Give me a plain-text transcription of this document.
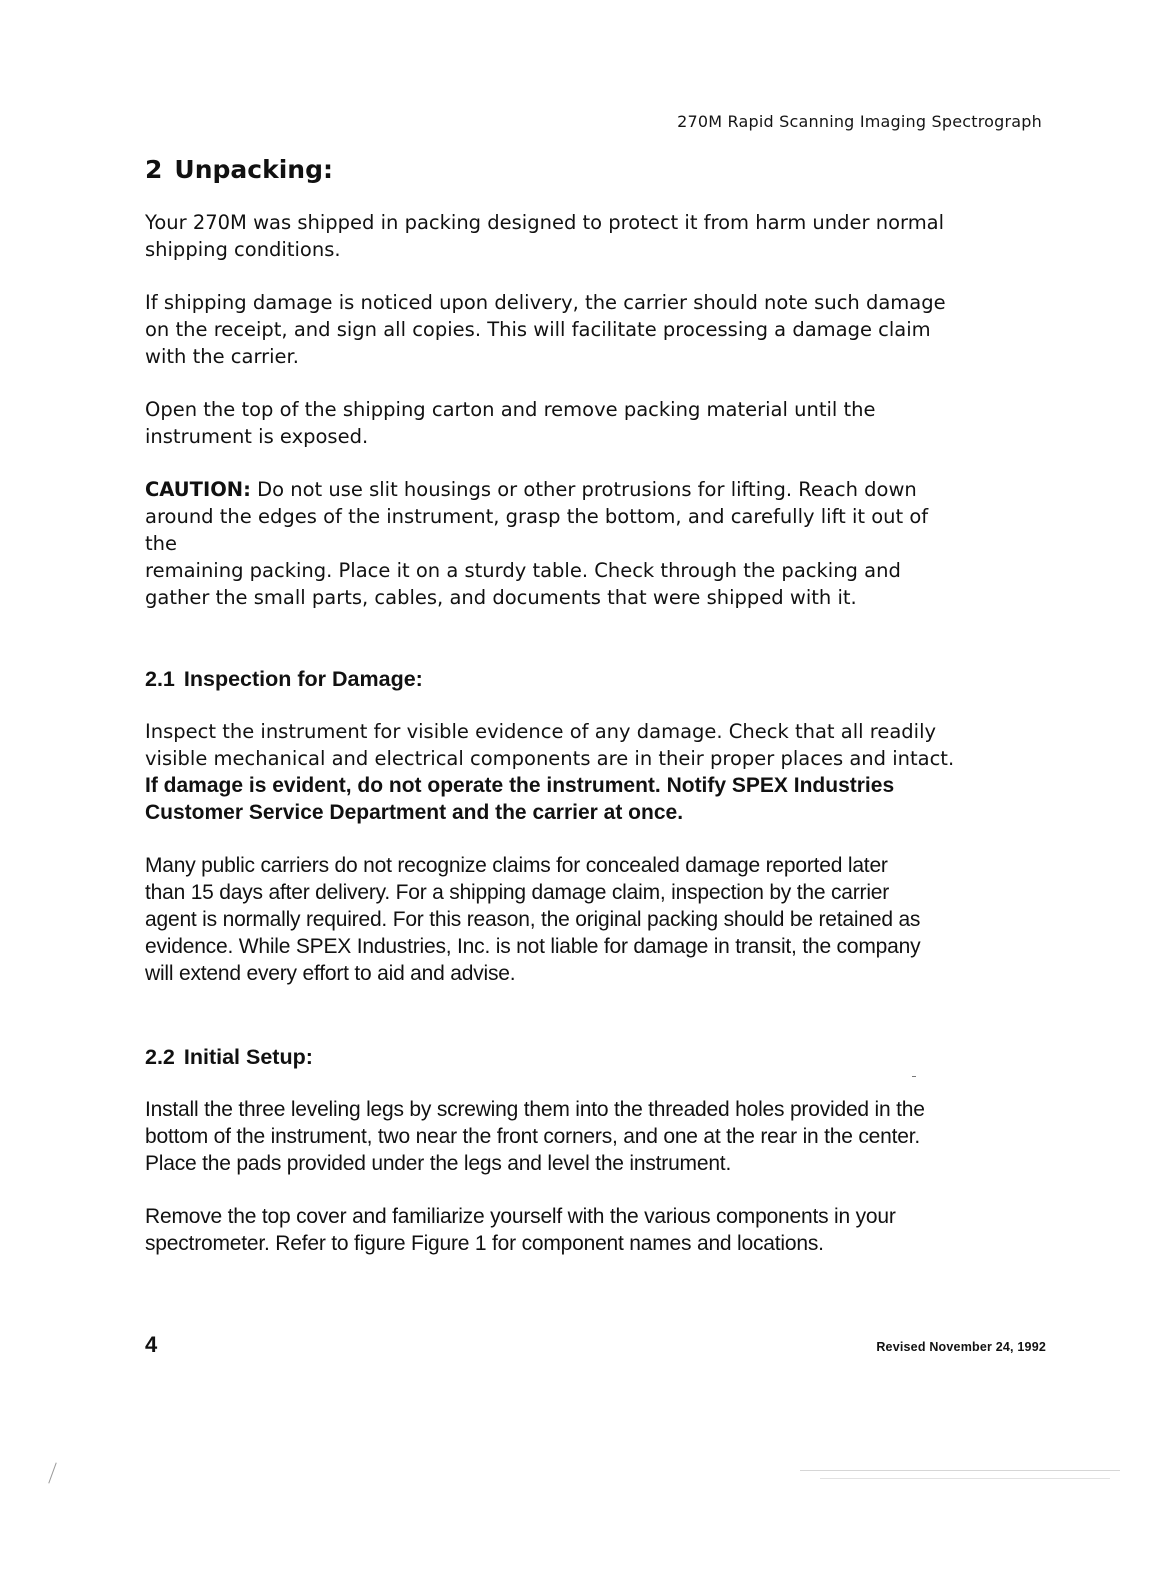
270M Rapid Scanning Imaging Spectrograph
2 Unpacking:
Your 270M was shipped in packing designed to protect it from harm under normal
shipping conditions.
If shipping damage is noticed upon delivery, the carrier should note such damage
on the receipt, and sign all copies. This will facilitate processing a damage claim
with the carrier.
Open the top of the shipping carton and remove packing material until the
instrument is exposed.
CAUTION: Do not use slit housings or other protrusions for lifting. Reach down
around the edges of the instrument, grasp the bottom, and carefully lift it out of
the
remaining packing. Place it on a sturdy table. Check through the packing and
gather the small parts, cables, and documents that were shipped with it.
2.1 Inspection for Damage:
Inspect the instrument for visible evidence of any damage. Check that all readily
visible mechanical and electrical components are in their proper places and intact.
If damage is evident, do not operate the instrument. Notify SPEX Industries
Customer Service Department and the carrier at once.
Many public carriers do not recognize claims for concealed damage reported later
than 15 days after delivery. For a shipping damage claim, inspection by the carrier
agent is normally required. For this reason, the original packing should be retained as
evidence. While SPEX Industries, Inc. is not liable for damage in transit, the company
will extend every effort to aid and advise.
2.2 Initial Setup:
Install the three leveling legs by screwing them into the threaded holes provided in the
bottom of the instrument, two near the front corners, and one at the rear in the center.
Place the pads provided under the legs and level the instrument.
Remove the top cover and familiarize yourself with the various components in your
spectrometer. Refer to figure Figure 1 for component names and locations.
4	Revised November 24, 1992
